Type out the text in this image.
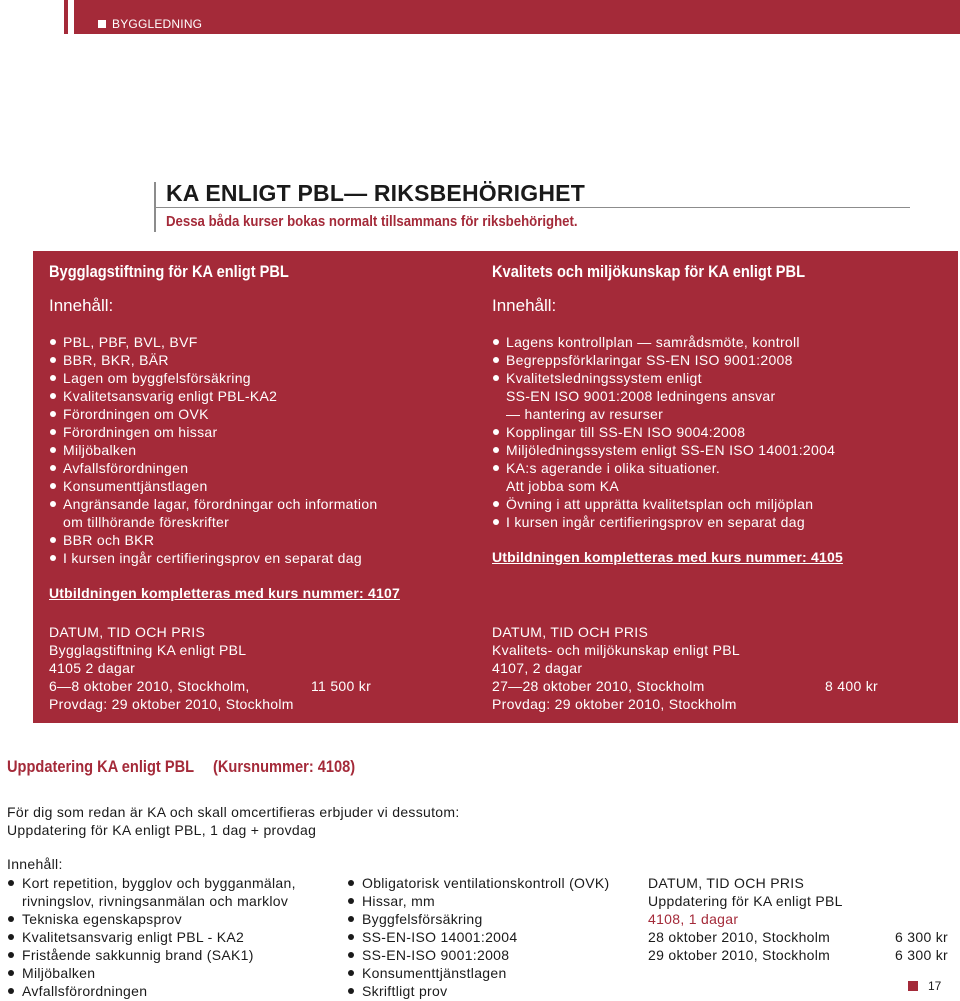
BYGGLEDNING
KA ENLIGT PBL— RIKSBEHÖRIGHET
Dessa båda kurser bokas normalt tillsammans för riksbehörighet.
Bygglagstiftning för KA enligt PBL
Innehåll:
PBL, PBF, BVL, BVF
BBR, BKR, BÄR
Lagen om byggfelsförsäkring
Kvalitetsansvarig enligt PBL-KA2
Förordningen om OVK
Förordningen om hissar
Miljöbalken
Avfallsförordningen
Konsumenttjänstlagen
Angränsande lagar, förordningar och information
om tillhörande föreskrifter
BBR och BKR
I kursen ingår certifieringsprov en separat dag
Utbildningen kompletteras med kurs nummer: 4107
DATUM, TID OCH PRIS
Bygglagstiftning KA enligt PBL
4105 2 dagar
6—8 oktober 2010, Stockholm,	11 500 kr
Provdag: 29 oktober 2010, Stockholm
Kvalitets och miljökunskap för KA enligt PBL
Innehåll:
Lagens kontrollplan — samrådsmöte, kontroll
Begreppsförklaringar SS-EN ISO 9001:2008
Kvalitetsledningssystem enligt
SS-EN ISO 9001:2008 ledningens ansvar
— hantering av resurser
Kopplingar till SS-EN ISO 9004:2008
Miljöledningssystem enligt SS-EN ISO 14001:2004
KA:s agerande i olika situationer.
Att jobba som KA
Övning i att upprätta kvalitetsplan och miljöplan
I kursen ingår certifieringsprov en separat dag
Utbildningen kompletteras med kurs nummer: 4105
DATUM, TID OCH PRIS
Kvalitets- och miljökunskap enligt PBL
4107, 2 dagar
27—28 oktober 2010, Stockholm	8 400 kr
Provdag: 29 oktober 2010, Stockholm
Uppdatering KA enligt PBL (Kursnummer: 4108)
För dig som redan är KA och skall omcertifieras erbjuder vi dessutom:
Uppdatering för KA enligt PBL, 1 dag + provdag
Innehåll:
Kort repetition, bygglov och bygganmälan,
rivningslov, rivningsanmälan och marklov
Tekniska egenskapsprov
Kvalitetsansvarig enligt PBL - KA2
Fristående sakkunnig brand (SAK1)
Miljöbalken
Avfallsförordningen
Obligatorisk ventilationskontroll (OVK)
Hissar, mm
Byggfelsförsäkring
SS-EN-ISO 14001:2004
SS-EN-ISO 9001:2008
Konsumenttjänstlagen
Skriftligt prov
DATUM, TID OCH PRIS
Uppdatering för KA enligt PBL
4108, 1 dagar
28 oktober 2010, Stockholm	6 300 kr
29 oktober 2010, Stockholm	6 300 kr
17
